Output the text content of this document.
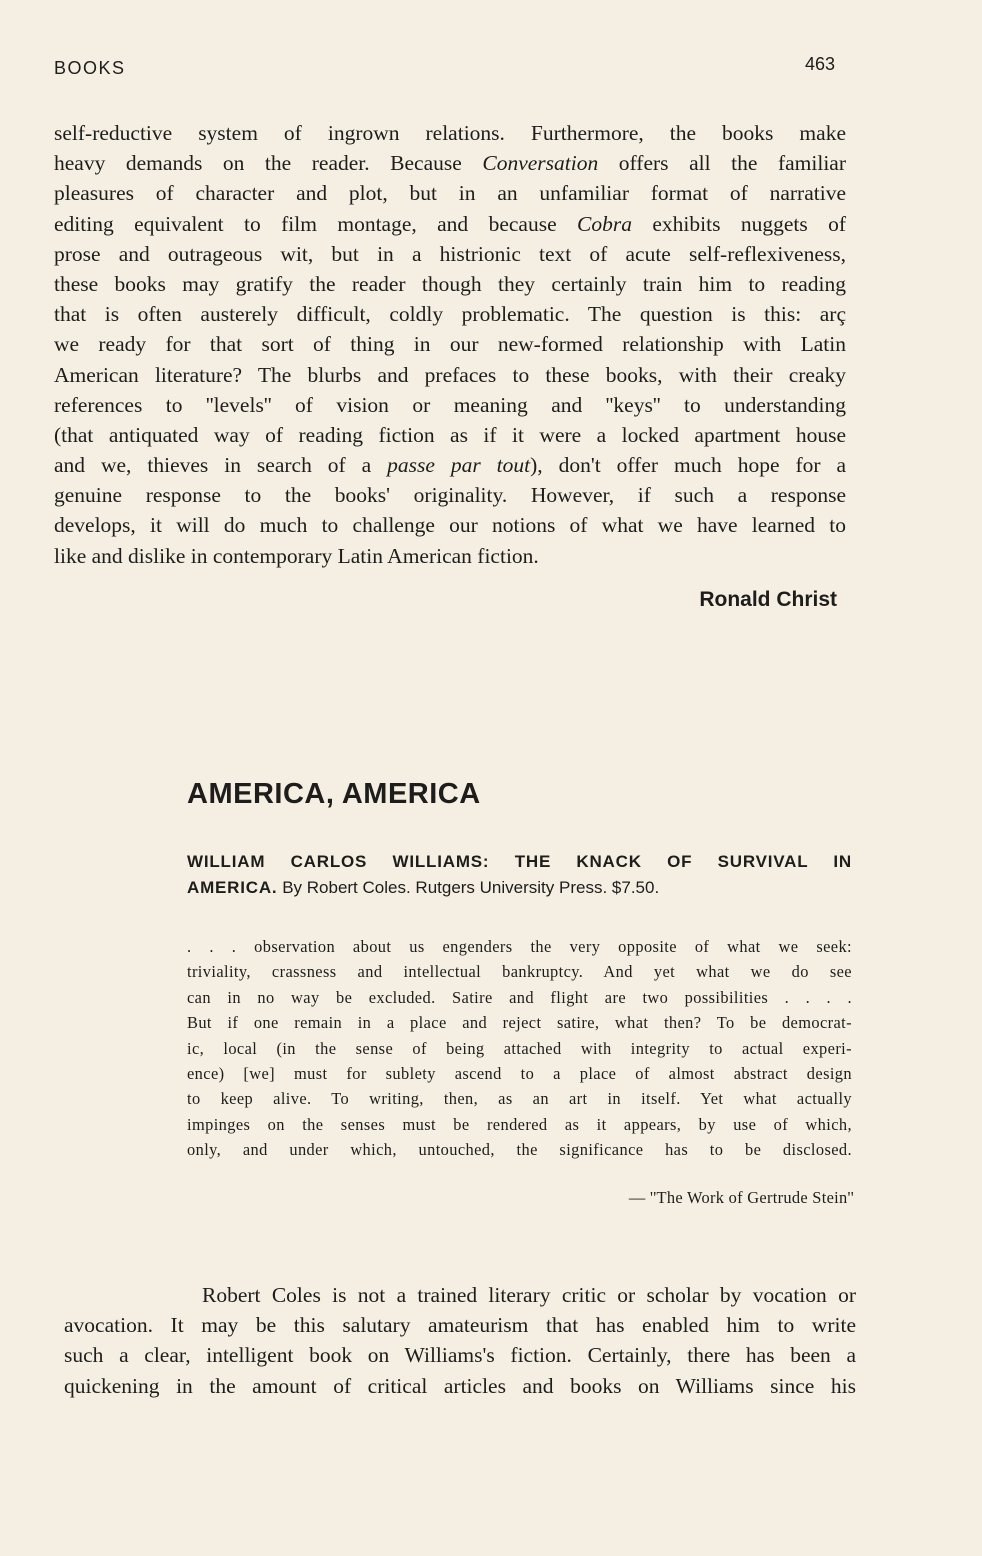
BOOKS	463
self-reductive system of ingrown relations. Furthermore, the books make
heavy demands on the reader. Because Conversation offers all the familiar
pleasures of character and plot, but in an unfamiliar format of narrative
editing equivalent to film montage, and because Cobra exhibits nuggets of
prose and outrageous wit, but in a histrionic text of acute self-reflexiveness,
these books may gratify the reader though they certainly train him to reading
that is often austerely difficult, coldly problematic. The question is this: arç
we ready for that sort of thing in our new-formed relationship with Latin
American literature? The blurbs and prefaces to these books, with their creaky
references to ''levels'' of vision or meaning and ''keys'' to understanding
(that antiquated way of reading fiction as if it were a locked apartment house
and we, thieves in search of a passe par tout), don't offer much hope for a
genuine response to the books' originality. However, if such a response
develops, it will do much to challenge our notions of what we have learned to
like and dislike in contemporary Latin American fiction.
Ronald Christ
AMERICA, AMERICA
WILLIAM CARLOS WILLIAMS: THE KNACK OF SURVIVAL IN
AMERICA. By Robert Coles. Rutgers University Press. $7.50.
. . . observation about us engenders the very opposite of what we seek:
triviality, crassness and intellectual bankruptcy. And yet what we do see
can in no way be excluded. Satire and flight are two possibilities . . . .
But if one remain in a place and reject satire, what then? To be democrat-
ic, local (in the sense of being attached with integrity to actual experi-
ence) [we] must for sublety ascend to a place of almost abstract design
to keep alive. To writing, then, as an art in itself. Yet what actually
impinges on the senses must be rendered as it appears, by use of which,
only, and under which, untouched, the significance has to be disclosed.
— ''The Work of Gertrude Stein''
Robert Coles is not a trained literary critic or scholar by vocation or
avocation. It may be this salutary amateurism that has enabled him to write
such a clear, intelligent book on Williams's fiction. Certainly, there has been a
quickening in the amount of critical articles and books on Williams since his
